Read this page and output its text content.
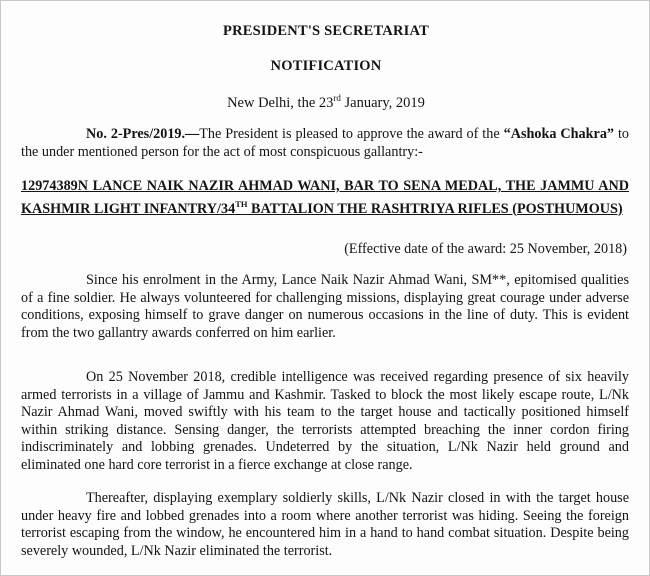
PRESIDENT'S SECRETARIAT
NOTIFICATION
New Delhi, the 23rd January, 2019

No. 2-Pres/2019.—The President is pleased to approve the award of the “Ashoka Chakra” to the under mentioned person for the act of most conspicuous gallantry:-

12974389N LANCE NAIK NAZIR AHMAD WANI, BAR TO SENA MEDAL, THE JAMMU AND KASHMIR LIGHT INFANTRY/34TH BATTALION THE RASHTRIYA RIFLES (POSTHUMOUS)

(Effective date of the award: 25 November, 2018)

Since his enrolment in the Army, Lance Naik Nazir Ahmad Wani, SM**, epitomised qualities of a fine soldier. He always volunteered for challenging missions, displaying great courage under adverse conditions, exposing himself to grave danger on numerous occasions in the line of duty. This is evident from the two gallantry awards conferred on him earlier.

On 25 November 2018, credible intelligence was received regarding presence of six heavily armed terrorists in a village of Jammu and Kashmir. Tasked to block the most likely escape route, L/Nk Nazir Ahmad Wani, moved swiftly with his team to the target house and tactically positioned himself within striking distance. Sensing danger, the terrorists attempted breaching the inner cordon firing indiscriminately and lobbing grenades. Undeterred by the situation, L/Nk Nazir held ground and eliminated one hard core terrorist in a fierce exchange at close range.

Thereafter, displaying exemplary soldierly skills, L/Nk Nazir closed in with the target house under heavy fire and lobbed grenades into a room where another terrorist was hiding. Seeing the foreign terrorist escaping from the window, he encountered him in a hand to hand combat situation. Despite being severely wounded, L/Nk Nazir eliminated the terrorist.
